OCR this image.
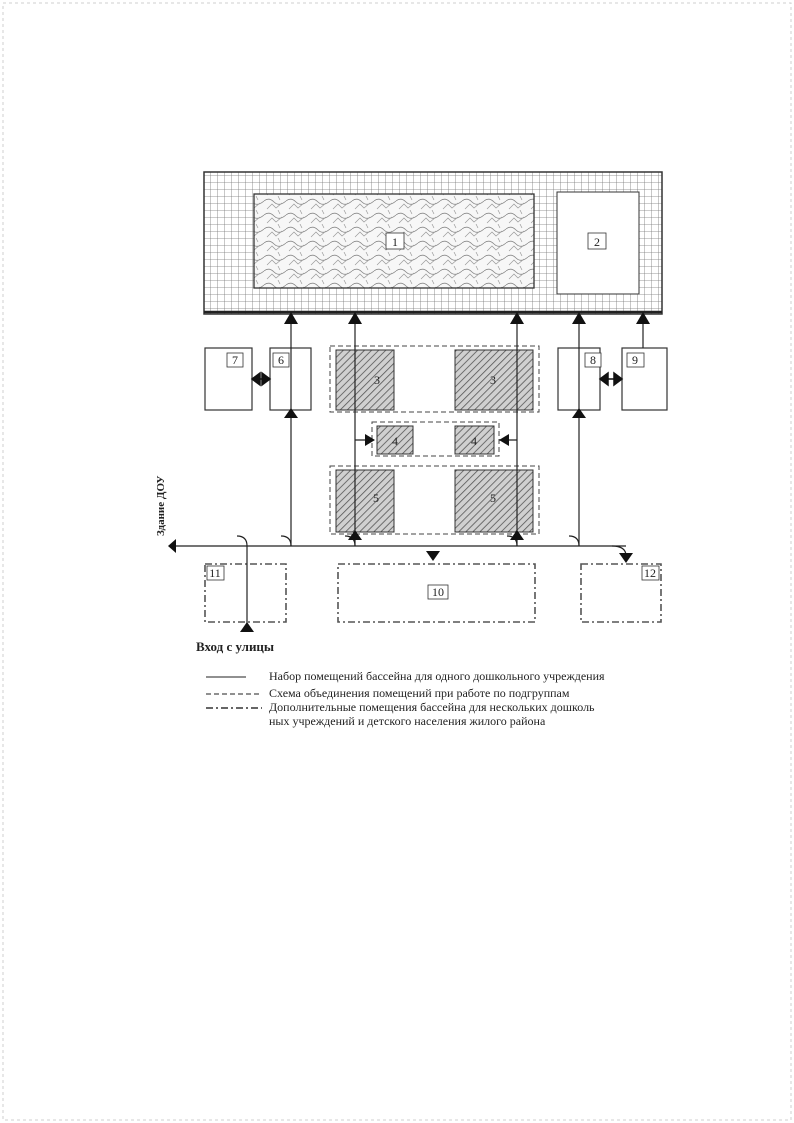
1	2
3	3
4	4
5	5
6
7	8	9
10
11	12
Здание ДОУ
Вход с улицы
Набор помещений бассейна для одного дошкольного учреждения
Схема объединения помещений при работе по подгруппам
Дополнительные помещения бассейна для нескольких дошколь
ных учреждений и детского населения жилого района
